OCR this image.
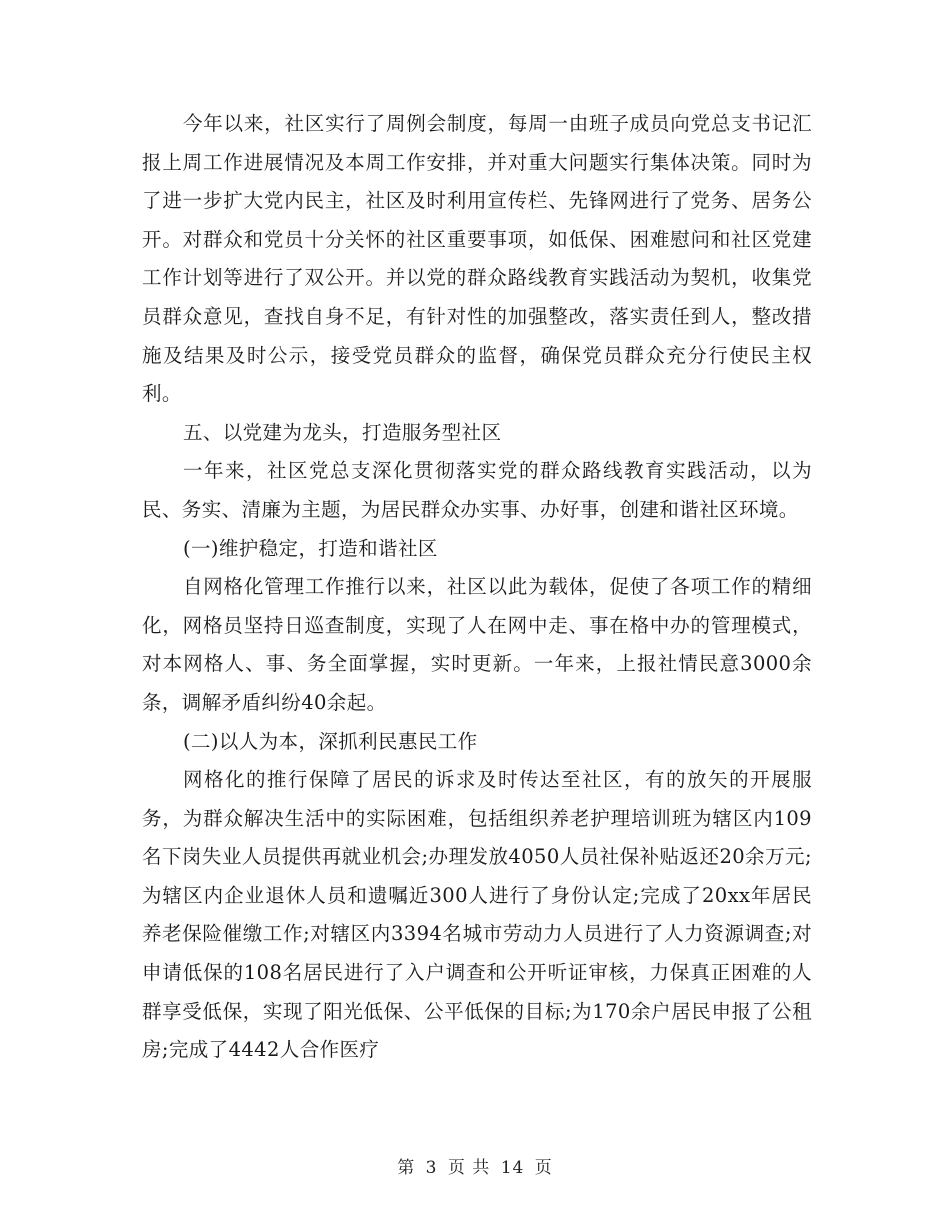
今年以来，社区实行了周例会制度，每周一由班子成员向党总支书记汇报上周工作进展情况及本周工作安排，并对重大问题实行集体决策。同时为了进一步扩大党内民主，社区及时利用宣传栏、先锋网进行了党务、居务公开。对群众和党员十分关怀的社区重要事项，如低保、困难慰问和社区党建工作计划等进行了双公开。并以党的群众路线教育实践活动为契机，收集党员群众意见，查找自身不足，有针对性的加强整改，落实责任到人，整改措施及结果及时公示，接受党员群众的监督，确保党员群众充分行使民主权利。

五、以党建为龙头，打造服务型社区

一年来，社区党总支深化贯彻落实党的群众路线教育实践活动，以为民、务实、清廉为主题，为居民群众办实事、办好事，创建和谐社区环境。

(一)维护稳定，打造和谐社区

自网格化管理工作推行以来，社区以此为载体，促使了各项工作的精细化，网格员坚持日巡查制度，实现了人在网中走、事在格中办的管理模式，对本网格人、事、务全面掌握，实时更新。一年来，上报社情民意3000余条，调解矛盾纠纷40余起。

(二)以人为本，深抓利民惠民工作

网格化的推行保障了居民的诉求及时传达至社区，有的放矢的开展服务，为群众解决生活中的实际困难，包括组织养老护理培训班为辖区内109名下岗失业人员提供再就业机会;办理发放4050人员社保补贴返还20余万元;为辖区内企业退休人员和遗嘱近300人进行了身份认定;完成了20xx年居民养老保险催缴工作;对辖区内3394名城市劳动力人员进行了人力资源调查;对申请低保的108名居民进行了入户调查和公开听证审核，力保真正困难的人群享受低保，实现了阳光低保、公平低保的目标;为170余户居民申报了公租房;完成了4442人合作医疗

第 3 页 共 14 页
